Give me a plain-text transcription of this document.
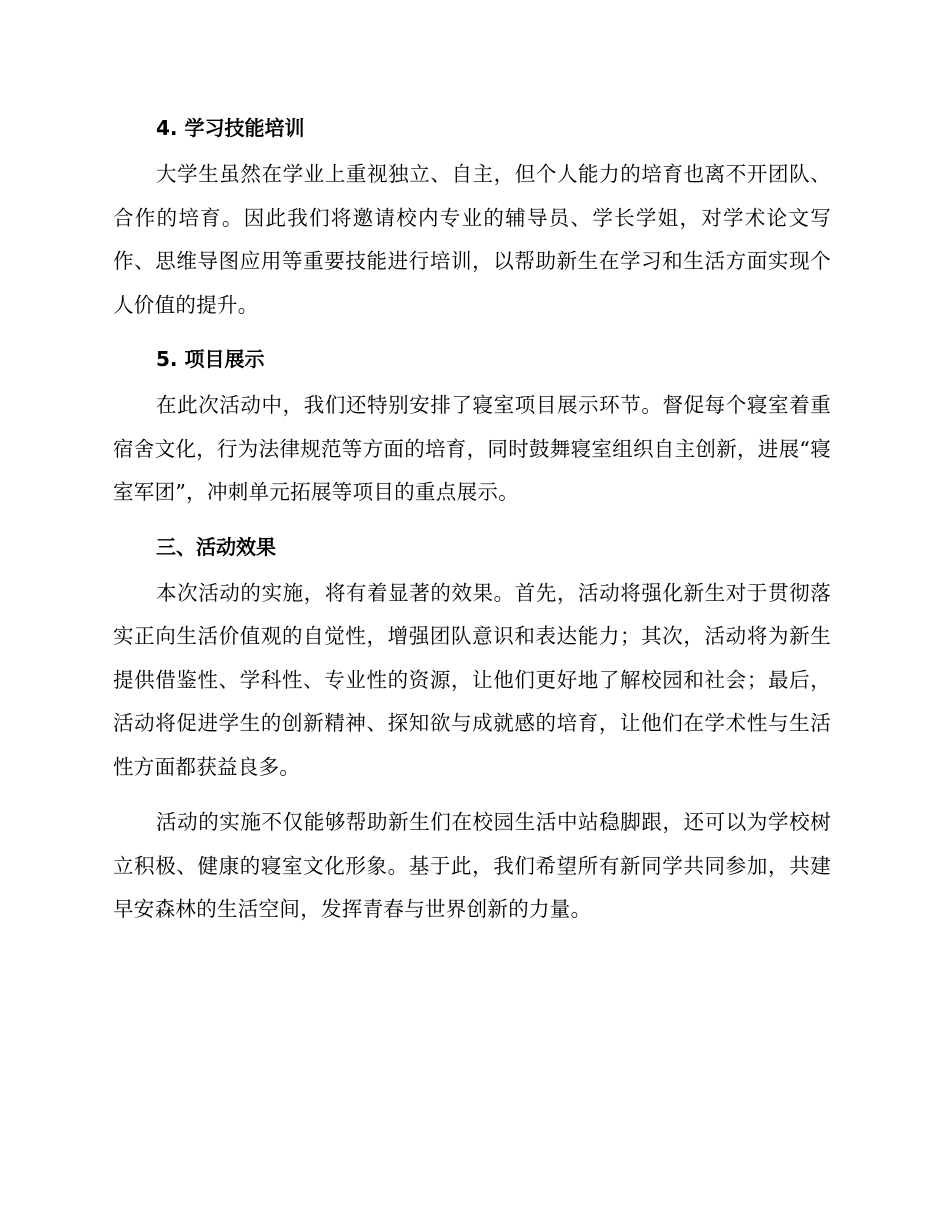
4. 学习技能培训

大学生虽然在学业上重视独立、自主，但个人能力的培育也离不开团队、合作的培育。因此我们将邀请校内专业的辅导员、学长学姐，对学术论文写作、思维导图应用等重要技能进行培训，以帮助新生在学习和生活方面实现个人价值的提升。

5. 项目展示

在此次活动中，我们还特别安排了寝室项目展示环节。督促每个寝室着重宿舍文化，行为法律规范等方面的培育，同时鼓舞寝室组织自主创新，进展“寝室军团”，冲刺单元拓展等项目的重点展示。

三、活动效果

本次活动的实施，将有着显著的效果。首先，活动将强化新生对于贯彻落实正向生活价值观的自觉性，增强团队意识和表达能力；其次，活动将为新生提供借鉴性、学科性、专业性的资源，让他们更好地了解校园和社会；最后，活动将促进学生的创新精神、探知欲与成就感的培育，让他们在学术性与生活性方面都获益良多。

活动的实施不仅能够帮助新生们在校园生活中站稳脚跟，还可以为学校树立积极、健康的寝室文化形象。基于此，我们希望所有新同学共同参加，共建早安森林的生活空间，发挥青春与世界创新的力量。
